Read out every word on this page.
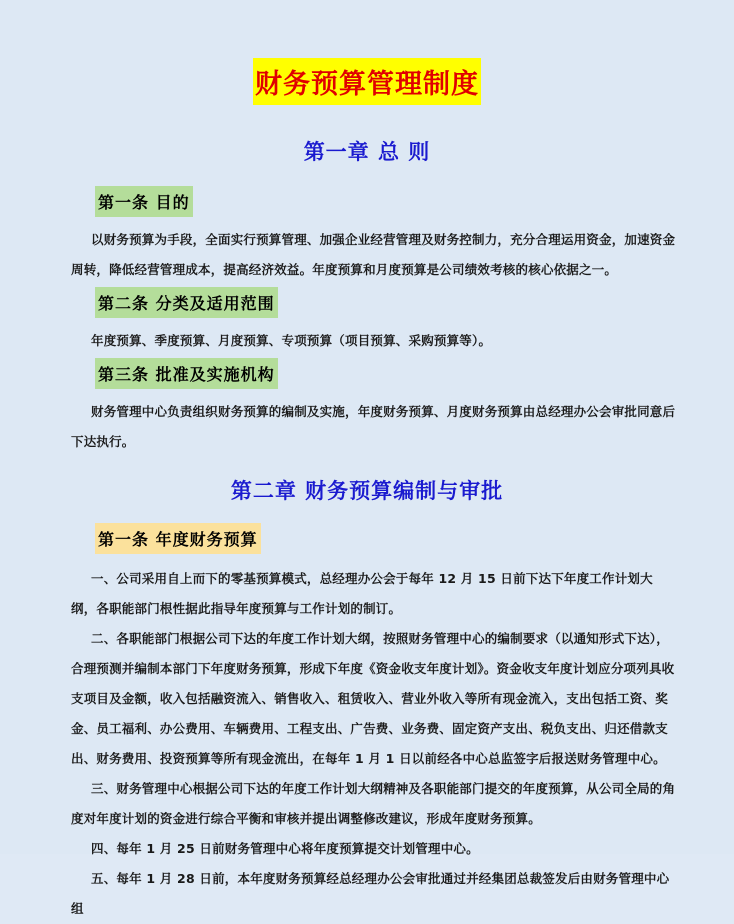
财务预算管理制度
第一章 总 则
第一条 目的

以财务预算为手段，全面实行预算管理、加强企业经营管理及财务控制力，充分合理运用资金，加速资金周转，降低经营管理成本，提高经济效益。年度预算和月度预算是公司绩效考核的核心依据之一。

第二条 分类及适用范围

年度预算、季度预算、月度预算、专项预算（项目预算、采购预算等）。

第三条 批准及实施机构

财务管理中心负责组织财务预算的编制及实施，年度财务预算、月度财务预算由总经理办公会审批同意后下达执行。

第二章 财务预算编制与审批
第一条 年度财务预算

一、公司采用自上而下的零基预算模式，总经理办公会于每年 12 月 15 日前下达下年度工作计划大纲，各职能部门根性据此指导年度预算与工作计划的制订。

二、各职能部门根据公司下达的年度工作计划大纲，按照财务管理中心的编制要求（以通知形式下达），合理预测并编制本部门下年度财务预算，形成下年度《资金收支年度计划》。资金收支年度计划应分项列具收支项目及金额，收入包括融资流入、销售收入、租赁收入、营业外收入等所有现金流入，支出包括工资、奖金、员工福利、办公费用、车辆费用、工程支出、广告费、业务费、固定资产支出、税负支出、归还借款支出、财务费用、投资预算等所有现金流出，在每年 1 月 1 日以前经各中心总监签字后报送财务管理中心。

三、财务管理中心根据公司下达的年度工作计划大纲精神及各职能部门提交的年度预算，从公司全局的角度对年度计划的资金进行综合平衡和审核并提出调整修改建议，形成年度财务预算。

四、每年 1 月 25 日前财务管理中心将年度预算提交计划管理中心。

五、每年 1 月 28 日前，本年度财务预算经总经理办公会审批通过并经集团总裁签发后由财务管理中心组
